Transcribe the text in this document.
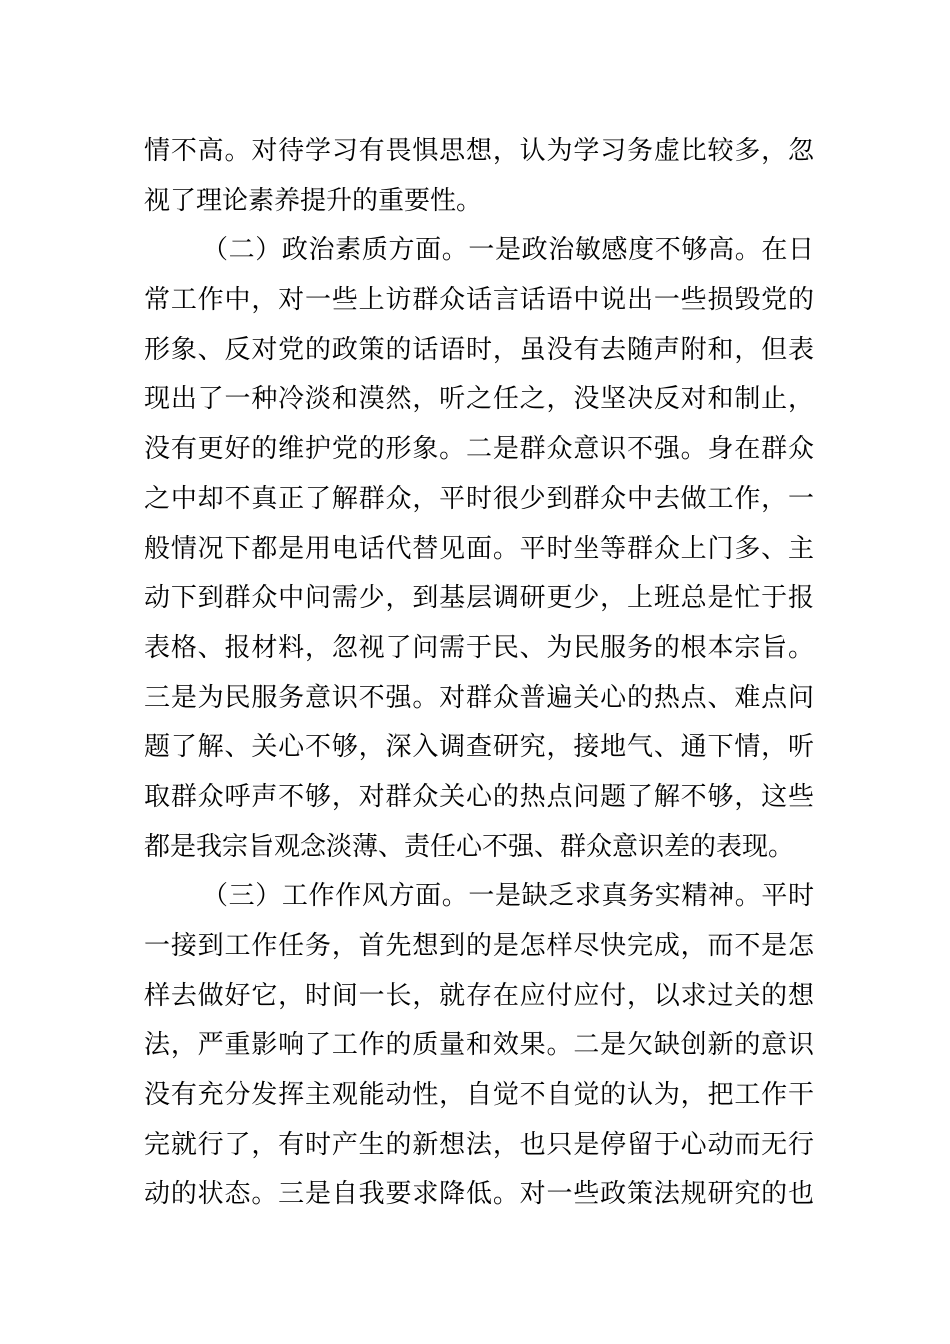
情不高。对待学习有畏惧思想，认为学习务虚比较多，忽
视了理论素养提升的重要性。
（二）政治素质方面。一是政治敏感度不够高。在日
常工作中，对一些上访群众话言话语中说出一些损毁党的
形象、反对党的政策的话语时，虽没有去随声附和，但表
现出了一种冷淡和漠然，听之任之，没坚决反对和制止，
没有更好的维护党的形象。二是群众意识不强。身在群众
之中却不真正了解群众，平时很少到群众中去做工作，一
般情况下都是用电话代替见面。平时坐等群众上门多、主
动下到群众中问需少，到基层调研更少，上班总是忙于报
表格、报材料，忽视了问需于民、为民服务的根本宗旨。
三是为民服务意识不强。对群众普遍关心的热点、难点问
题了解、关心不够，深入调查研究，接地气、通下情，听
取群众呼声不够，对群众关心的热点问题了解不够，这些
都是我宗旨观念淡薄、责任心不强、群众意识差的表现。
（三）工作作风方面。一是缺乏求真务实精神。平时
一接到工作任务，首先想到的是怎样尽快完成，而不是怎
样去做好它，时间一长，就存在应付应付，以求过关的想
法，严重影响了工作的质量和效果。二是欠缺创新的意识
没有充分发挥主观能动性，自觉不自觉的认为，把工作干
完就行了，有时产生的新想法，也只是停留于心动而无行
动的状态。三是自我要求降低。对一些政策法规研究的也
